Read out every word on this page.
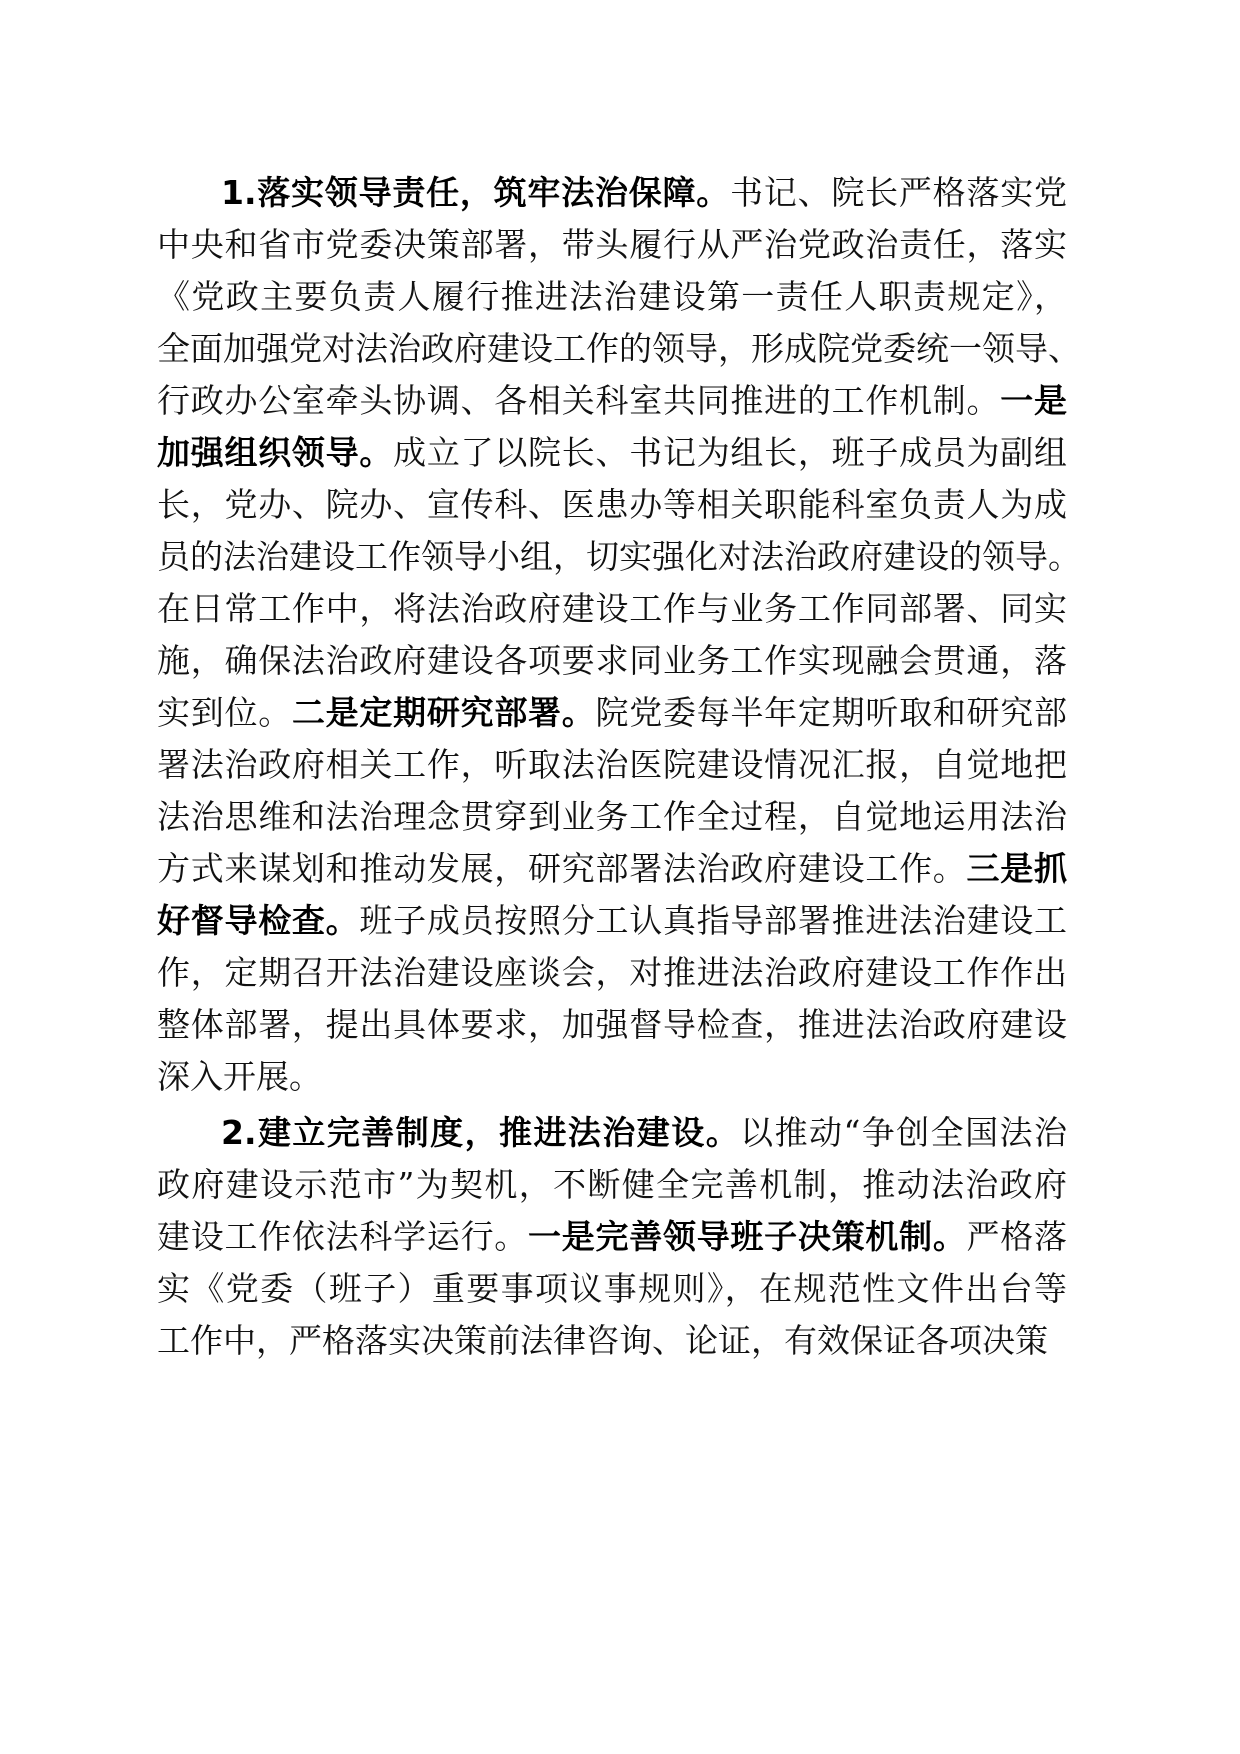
1.落实领导责任，筑牢法治保障。书记、院长严格落实党
中央和省市党委决策部署，带头履行从严治党政治责任，落实
《党政主要负责人履行推进法治建设第一责任人职责规定》，
全面加强党对法治政府建设工作的领导，形成院党委统一领导、
行政办公室牵头协调、各相关科室共同推进的工作机制。一是
加强组织领导。成立了以院长、书记为组长，班子成员为副组
长，党办、院办、宣传科、医患办等相关职能科室负责人为成
员的法治建设工作领导小组，切实强化对法治政府建设的领导。
在日常工作中，将法治政府建设工作与业务工作同部署、同实
施，确保法治政府建设各项要求同业务工作实现融会贯通，落
实到位。二是定期研究部署。院党委每半年定期听取和研究部
署法治政府相关工作，听取法治医院建设情况汇报，自觉地把
法治思维和法治理念贯穿到业务工作全过程，自觉地运用法治
方式来谋划和推动发展，研究部署法治政府建设工作。三是抓
好督导检查。班子成员按照分工认真指导部署推进法治建设工
作，定期召开法治建设座谈会，对推进法治政府建设工作作出
整体部署，提出具体要求，加强督导检查，推进法治政府建设
深入开展。
2.建立完善制度，推进法治建设。以推动“争创全国法治
政府建设示范市”为契机，不断健全完善机制，推动法治政府
建设工作依法科学运行。一是完善领导班子决策机制。严格落
实《党委（班子）重要事项议事规则》，在规范性文件出台等
工作中，严格落实决策前法律咨询、论证，有效保证各项决策
